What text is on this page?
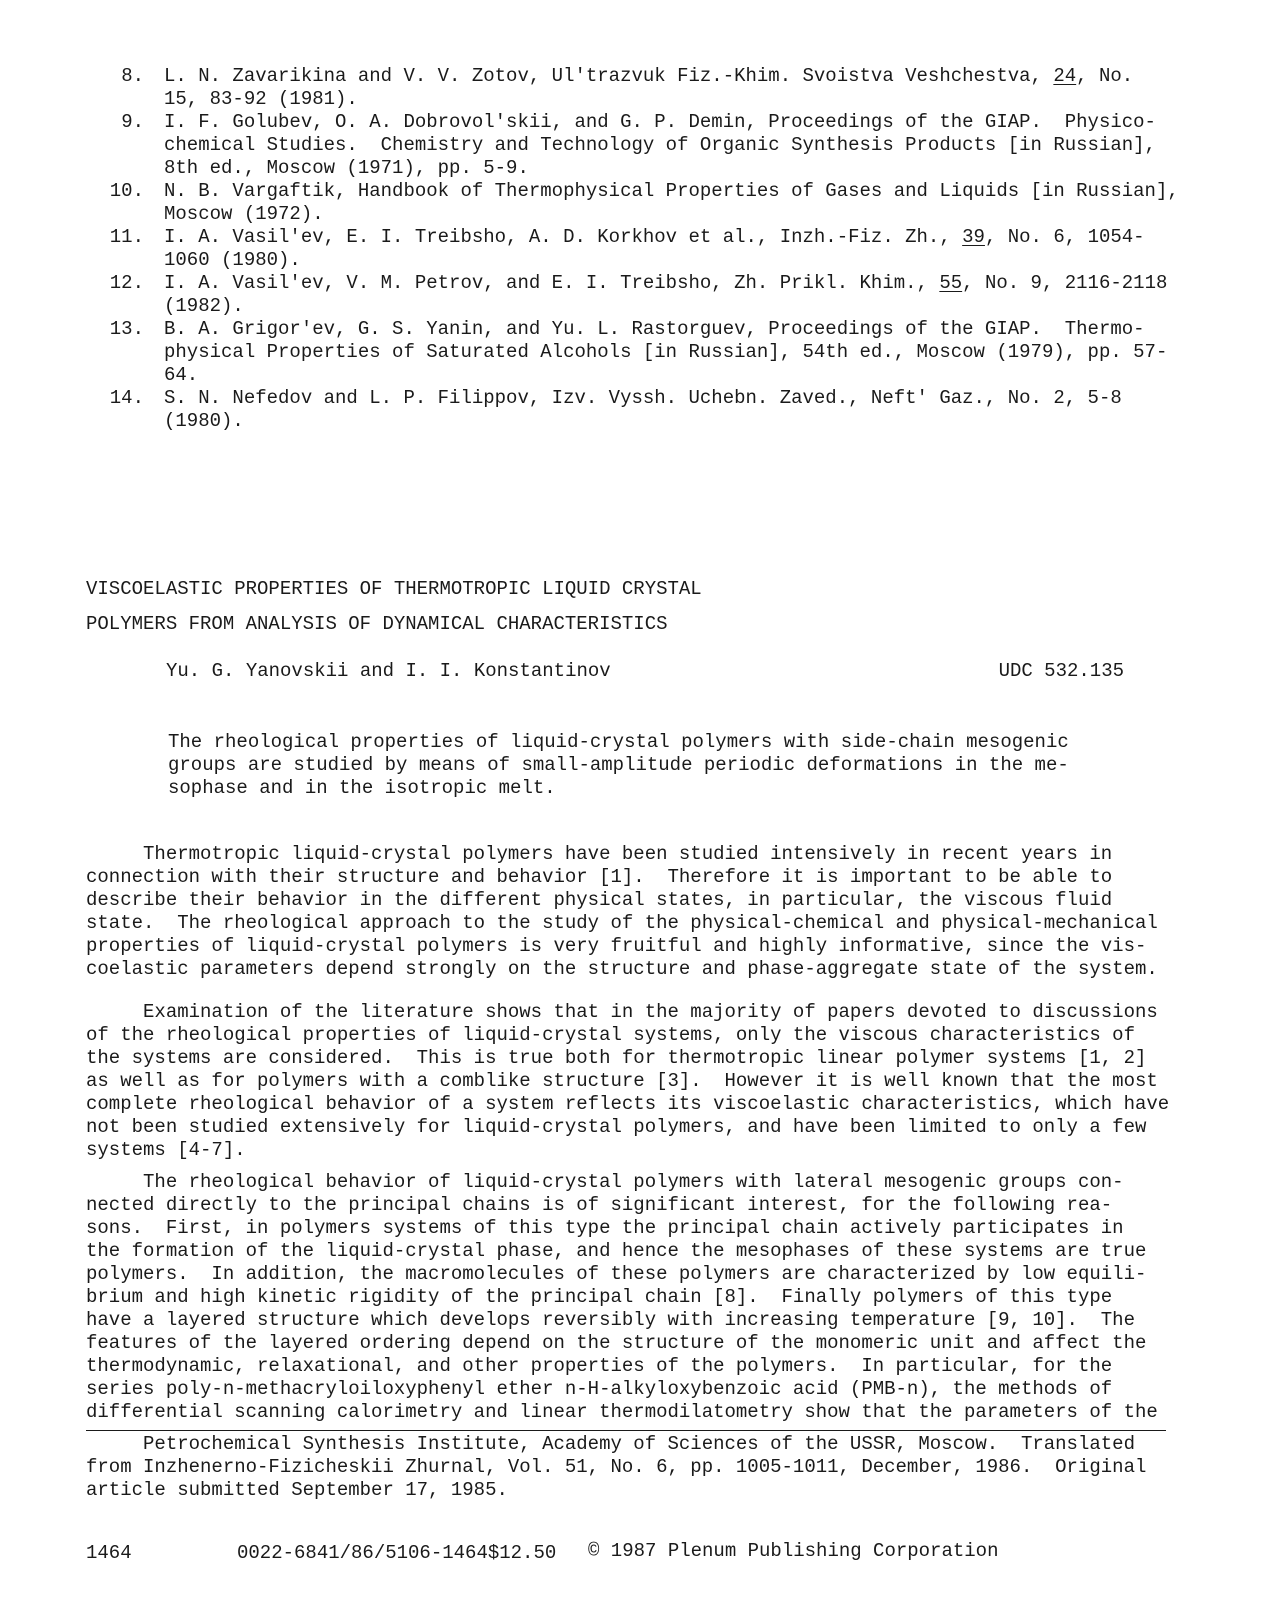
8.	L. N. Zavarikina and V. V. Zotov, Ul'trazvuk Fiz.-Khim. Svoistva Veshchestva, 24, No.
15, 83-92 (1981).
9.	I. F. Golubev, O. A. Dobrovol'skii, and G. P. Demin, Proceedings of the GIAP.  Physico-
chemical Studies.  Chemistry and Technology of Organic Synthesis Products [in Russian],
8th ed., Moscow (1971), pp. 5-9.
10.	N. B. Vargaftik, Handbook of Thermophysical Properties of Gases and Liquids [in Russian],
Moscow (1972).
11.	I. A. Vasil'ev, E. I. Treibsho, A. D. Korkhov et al., Inzh.-Fiz. Zh., 39, No. 6, 1054-
1060 (1980).
12.	I. A. Vasil'ev, V. M. Petrov, and E. I. Treibsho, Zh. Prikl. Khim., 55, No. 9, 2116-2118
(1982).
13.	B. A. Grigor'ev, G. S. Yanin, and Yu. L. Rastorguev, Proceedings of the GIAP.  Thermo-
physical Properties of Saturated Alcohols [in Russian], 54th ed., Moscow (1979), pp. 57-
64.
14.	S. N. Nefedov and L. P. Filippov, Izv. Vyssh. Uchebn. Zaved., Neft' Gaz., No. 2, 5-8
(1980).
VISCOELASTIC PROPERTIES OF THERMOTROPIC LIQUID CRYSTAL
POLYMERS FROM ANALYSIS OF DYNAMICAL CHARACTERISTICS
Yu. G. Yanovskii and I. I. Konstantinov	UDC 532.135
The rheological properties of liquid-crystal polymers with side-chain mesogenic
groups are studied by means of small-amplitude periodic deformations in the me-
sophase and in the isotropic melt.
Thermotropic liquid-crystal polymers have been studied intensively in recent years in
connection with their structure and behavior [1].  Therefore it is important to be able to
describe their behavior in the different physical states, in particular, the viscous fluid
state.  The rheological approach to the study of the physical-chemical and physical-mechanical
properties of liquid-crystal polymers is very fruitful and highly informative, since the vis-
coelastic parameters depend strongly on the structure and phase-aggregate state of the system.
Examination of the literature shows that in the majority of papers devoted to discussions
of the rheological properties of liquid-crystal systems, only the viscous characteristics of
the systems are considered.  This is true both for thermotropic linear polymer systems [1, 2]
as well as for polymers with a comblike structure [3].  However it is well known that the most
complete rheological behavior of a system reflects its viscoelastic characteristics, which have
not been studied extensively for liquid-crystal polymers, and have been limited to only a few
systems [4-7].
The rheological behavior of liquid-crystal polymers with lateral mesogenic groups con-
nected directly to the principal chains is of significant interest, for the following rea-
sons.  First, in polymers systems of this type the principal chain actively participates in
the formation of the liquid-crystal phase, and hence the mesophases of these systems are true
polymers.  In addition, the macromolecules of these polymers are characterized by low equili-
brium and high kinetic rigidity of the principal chain [8].  Finally polymers of this type
have a layered structure which develops reversibly with increasing temperature [9, 10].  The
features of the layered ordering depend on the structure of the monomeric unit and affect the
thermodynamic, relaxational, and other properties of the polymers.  In particular, for the
series poly-n-methacryloiloxyphenyl ether n-H-alkyloxybenzoic acid (PMB-n), the methods of
differential scanning calorimetry and linear thermodilatometry show that the parameters of the
Petrochemical Synthesis Institute, Academy of Sciences of the USSR, Moscow.  Translated
from Inzhenerno-Fizicheskii Zhurnal, Vol. 51, No. 6, pp. 1005-1011, December, 1986.  Original
article submitted September 17, 1985.
1464	0022-6841/86/5106-1464$12.50 © 1987 Plenum Publishing Corporation
